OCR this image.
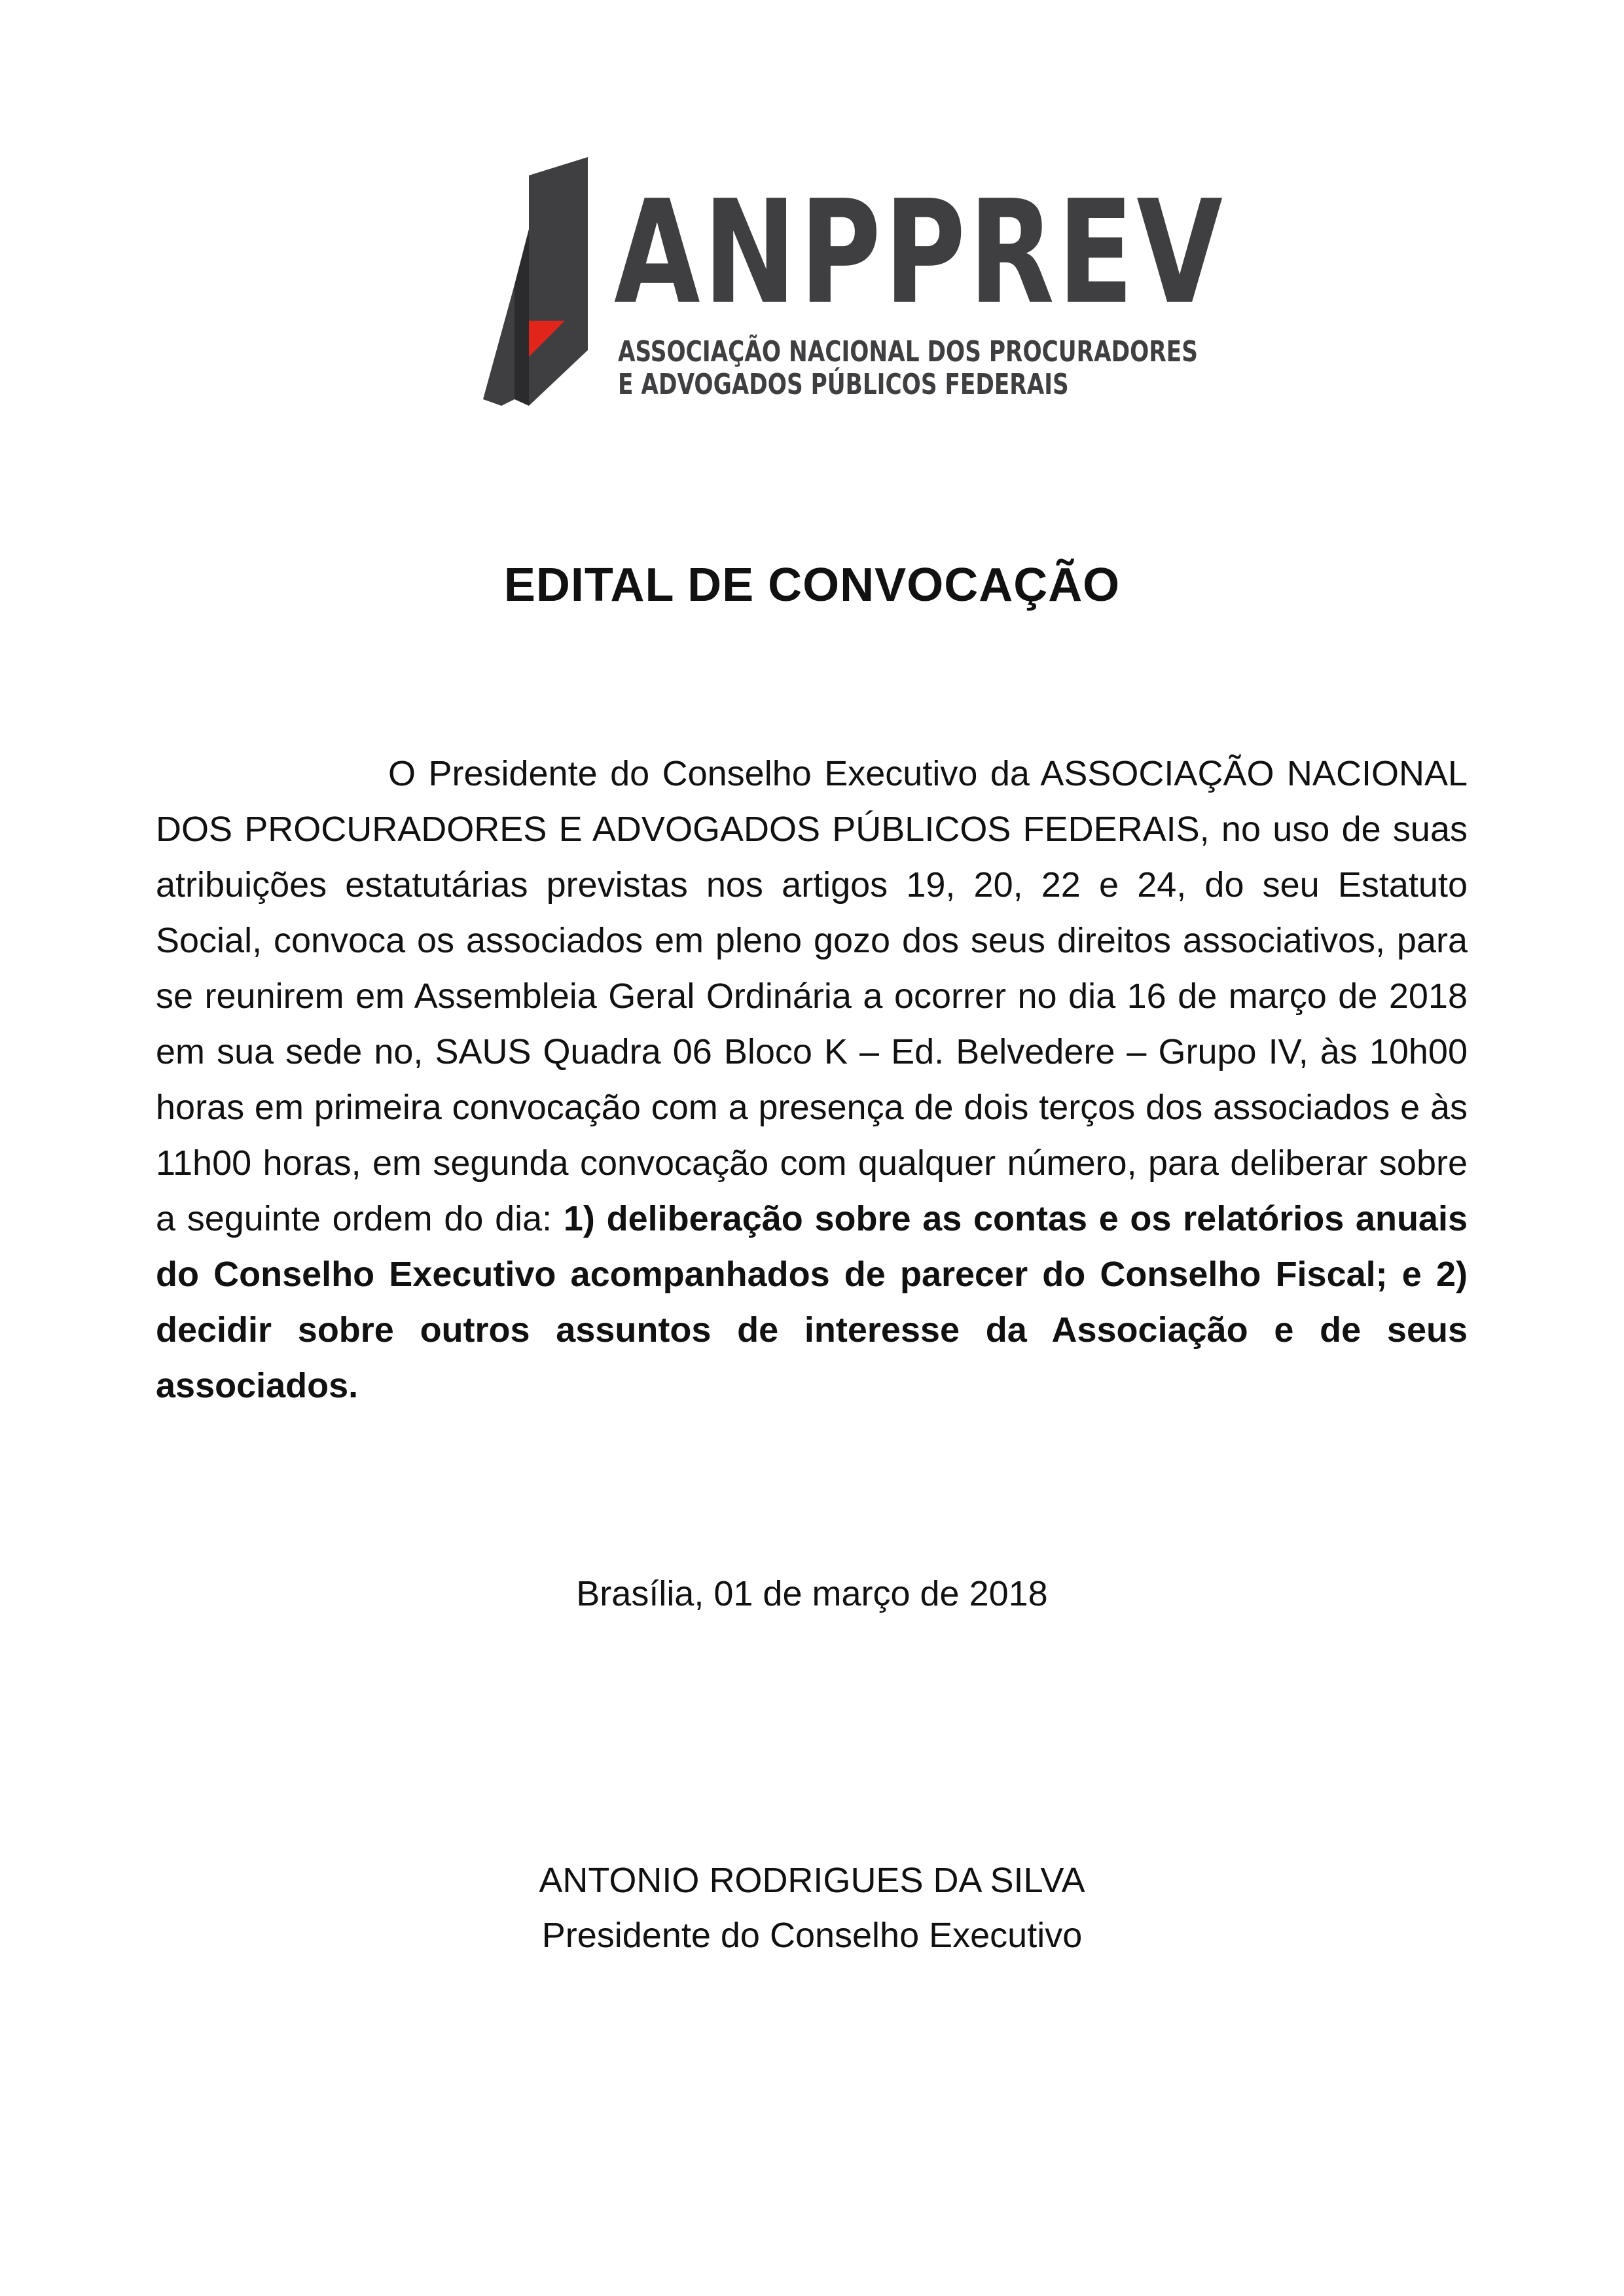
ANPPREV

ASSOCIAÇÃO NACIONAL DOS PROCURADORES

E ADVOGADOS PÚBLICOS FEDERAIS

EDITAL DE CONVOCAÇÃO

O Presidente do Conselho Executivo da ASSOCIAÇÃO NACIONAL DOS PROCURADORES E ADVOGADOS PÚBLICOS FEDERAIS, no uso de suas atribuições estatutárias previstas nos artigos 19, 20, 22 e 24, do seu Estatuto Social, convoca os associados em pleno gozo dos seus direitos associativos, para se reunirem em Assembleia Geral Ordinária a ocorrer no dia 16 de março de 2018 em sua sede no, SAUS Quadra 06 Bloco K – Ed. Belvedere – Grupo IV, às 10h00 horas em primeira convocação com a presença de dois terços dos associados e às 11h00 horas, em segunda convocação com qualquer número, para deliberar sobre a seguinte ordem do dia: 1) deliberação sobre as contas e os relatórios anuais do Conselho Executivo acompanhados de parecer do Conselho Fiscal; e 2) decidir sobre outros assuntos de interesse da Associação e de seus associados.

Brasília, 01 de março de 2018

ANTONIO RODRIGUES DA SILVA

Presidente do Conselho Executivo
